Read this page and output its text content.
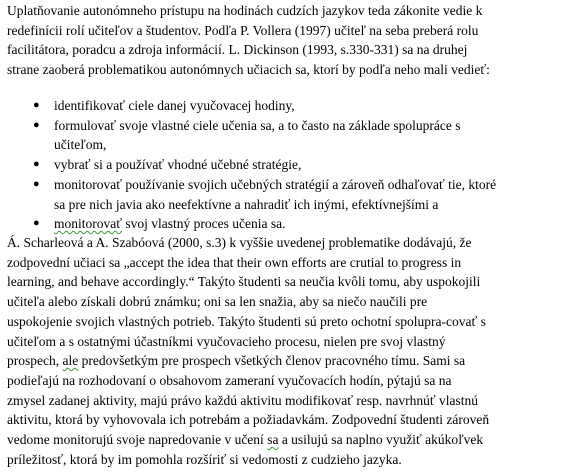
Uplatňovanie autonómneho prístupu na hodinách cudzích jazykov teda zákonite vedie k
redefinícii rolí učiteľov a študentov. Podľa P. Vollera (1997) učiteľ na seba preberá rolu
facilitátora, poradcu a zdroja informácií. L. Dickinson (1993, s.330-331) sa na druhej
strane zaoberá problematikou autonómnych učiacich sa, ktorí by podľa neho mali vedieť:

● identifikovať ciele danej vyučovacej hodiny,
● formulovať svoje vlastné ciele učenia sa, a to často na základe spolupráce s
učiteľom,
● vybrať si a používať vhodné učebné stratégie,
● monitorovať používanie svojich učebných stratégií a zároveň odhaľovať tie, ktoré
sa pre nich javia ako neefektívne a nahradiť ich inými, efektívnejšími a
● monitorovať svoj vlastný proces učenia sa.

Á. Scharleová a A. Szabóová (2000, s.3) k vyššie uvedenej problematike dodávajú, že
zodpovední učiaci sa „accept the idea that their own efforts are crutial to progress in
learning, and behave accordingly.“ Takýto študenti sa neučia kvôli tomu, aby uspokojili
učiteľa alebo získali dobrú známku; oni sa len snažia, aby sa niečo naučili pre
uspokojenie svojich vlastných potrieb. Takýto študenti sú preto ochotní spolupra-covať s
učiteľom a s ostatnými účastníkmi vyučovacieho procesu, nielen pre svoj vlastný
prospech, ale predovšetkým pre prospech všetkých členov pracovného tímu. Sami sa
podieľajú na rozhodovaní o obsahovom zameraní vyučovacích hodín, pýtajú sa na
zmysel zadanej aktivity, majú právo každú aktivitu modifikovať resp. navrhnúť vlastnú
aktivitu, ktorá by vyhovovala ich potrebám a požiadavkám. Zodpovední študenti zároveň
vedome monitorujú svoje napredovanie v učení sa a usilujú sa naplno využiť akúkoľvek
príležitosť, ktorá by im pomohla rozšíriť si vedomosti z cudzieho jazyka.
